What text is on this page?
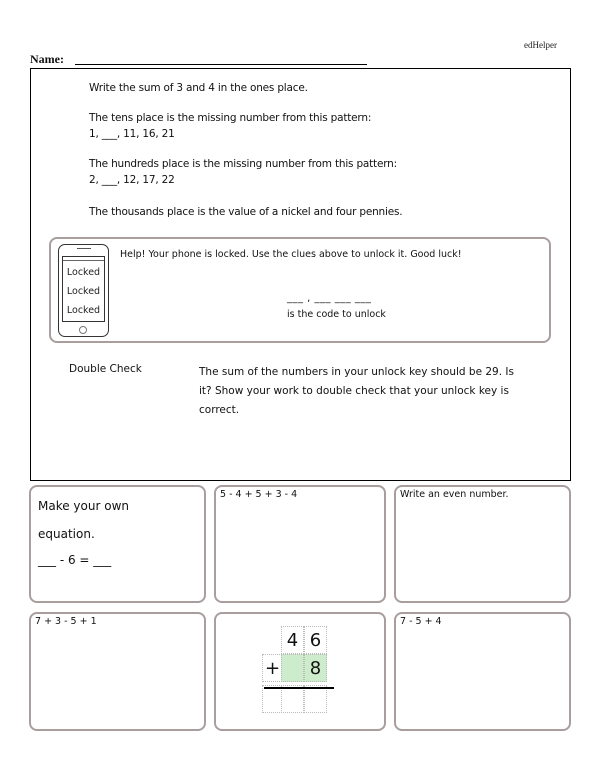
edHelper
Name:
Write the sum of 3 and 4 in the ones place.
The tens place is the missing number from this pattern:
1, ___, 11, 16, 21
The hundreds place is the missing number from this pattern:
2, ___, 12, 17, 22
The thousands place is the value of a nickel and four pennies.
Locked
Locked
Locked
Help! Your phone is locked. Use the clues above to unlock it. Good luck!
___ , ___ ___ ___
is the code to unlock
Double Check	The sum of the numbers in your unlock key should be 29. Is it? Show your work to double check that your unlock key is correct.
Make your own
equation.
___ - 6 = ___
5 - 4 + 5 + 3 - 4	Write an even number.
7 + 3 - 5 + 1	7 - 5 + 4
4 6
+	8
